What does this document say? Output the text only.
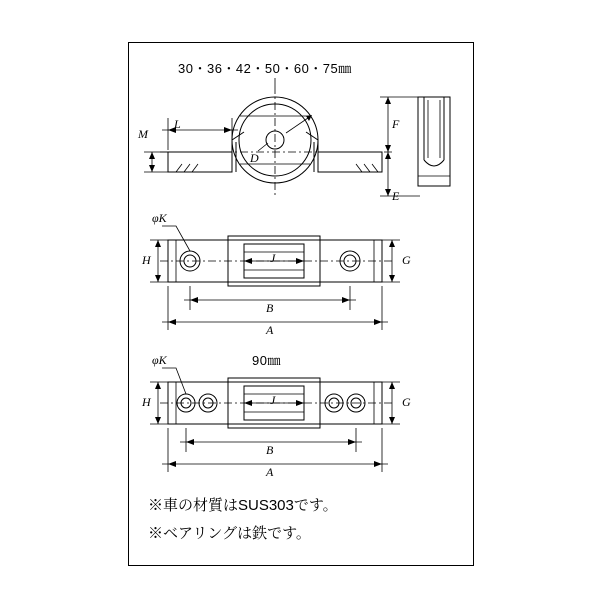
30・36・42・50・60・75㎜
90㎜
M
L
D
F
E
φK
H	G
J
B
A
φK
H	G
J
B
A
※車の材質はSUS303です。
※ベアリングは鉄です。
